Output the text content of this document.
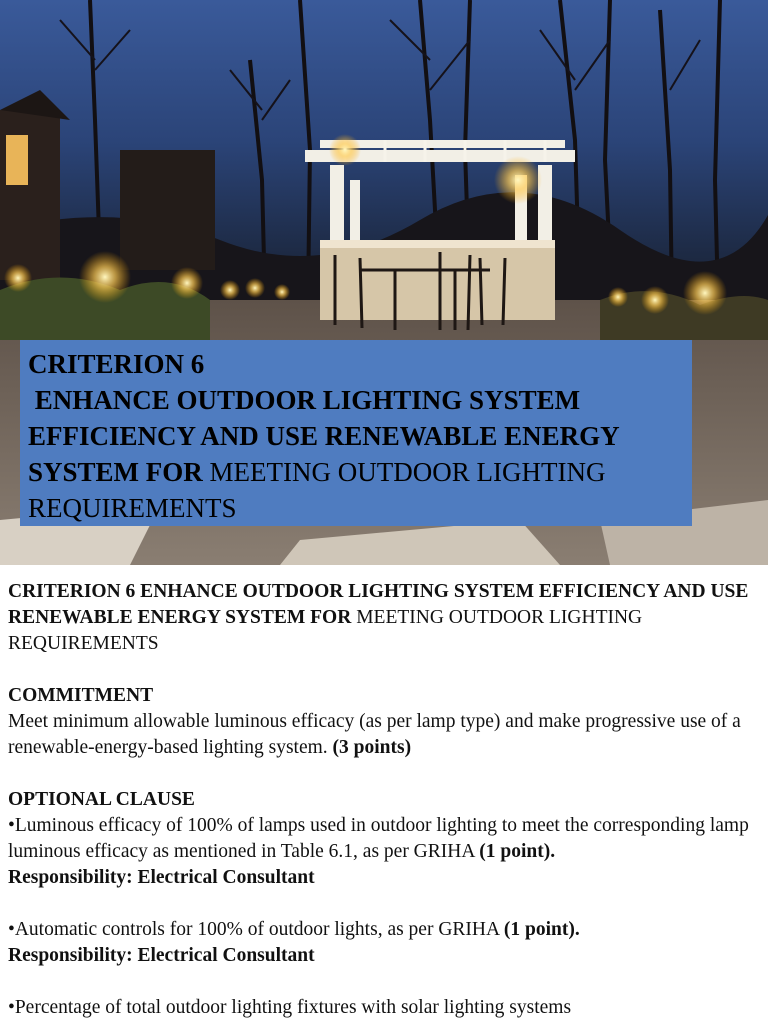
CRITERION 6
ENHANCE OUTDOOR LIGHTING SYSTEM
EFFICIENCY AND USE RENEWABLE ENERGY
SYSTEM FOR MEETING OUTDOOR LIGHTING
REQUIREMENTS

CRITERION 6 ENHANCE OUTDOOR LIGHTING SYSTEM EFFICIENCY AND USE RENEWABLE ENERGY SYSTEM FOR MEETING OUTDOOR LIGHTING REQUIREMENTS

COMMITMENT

Meet minimum allowable luminous efficacy (as per lamp type) and make progressive use of a renewable-energy-based lighting system. (3 points)

OPTIONAL CLAUSE

•Luminous efficacy of 100% of lamps used in outdoor lighting to meet the corresponding lamp luminous efficacy as mentioned in Table 6.1, as per GRIHA (1 point).

Responsibility: Electrical Consultant

•Automatic controls for 100% of outdoor lights, as per GRIHA (1 point).

Responsibility: Electrical Consultant

•Percentage of total outdoor lighting fixtures with solar lighting systems
